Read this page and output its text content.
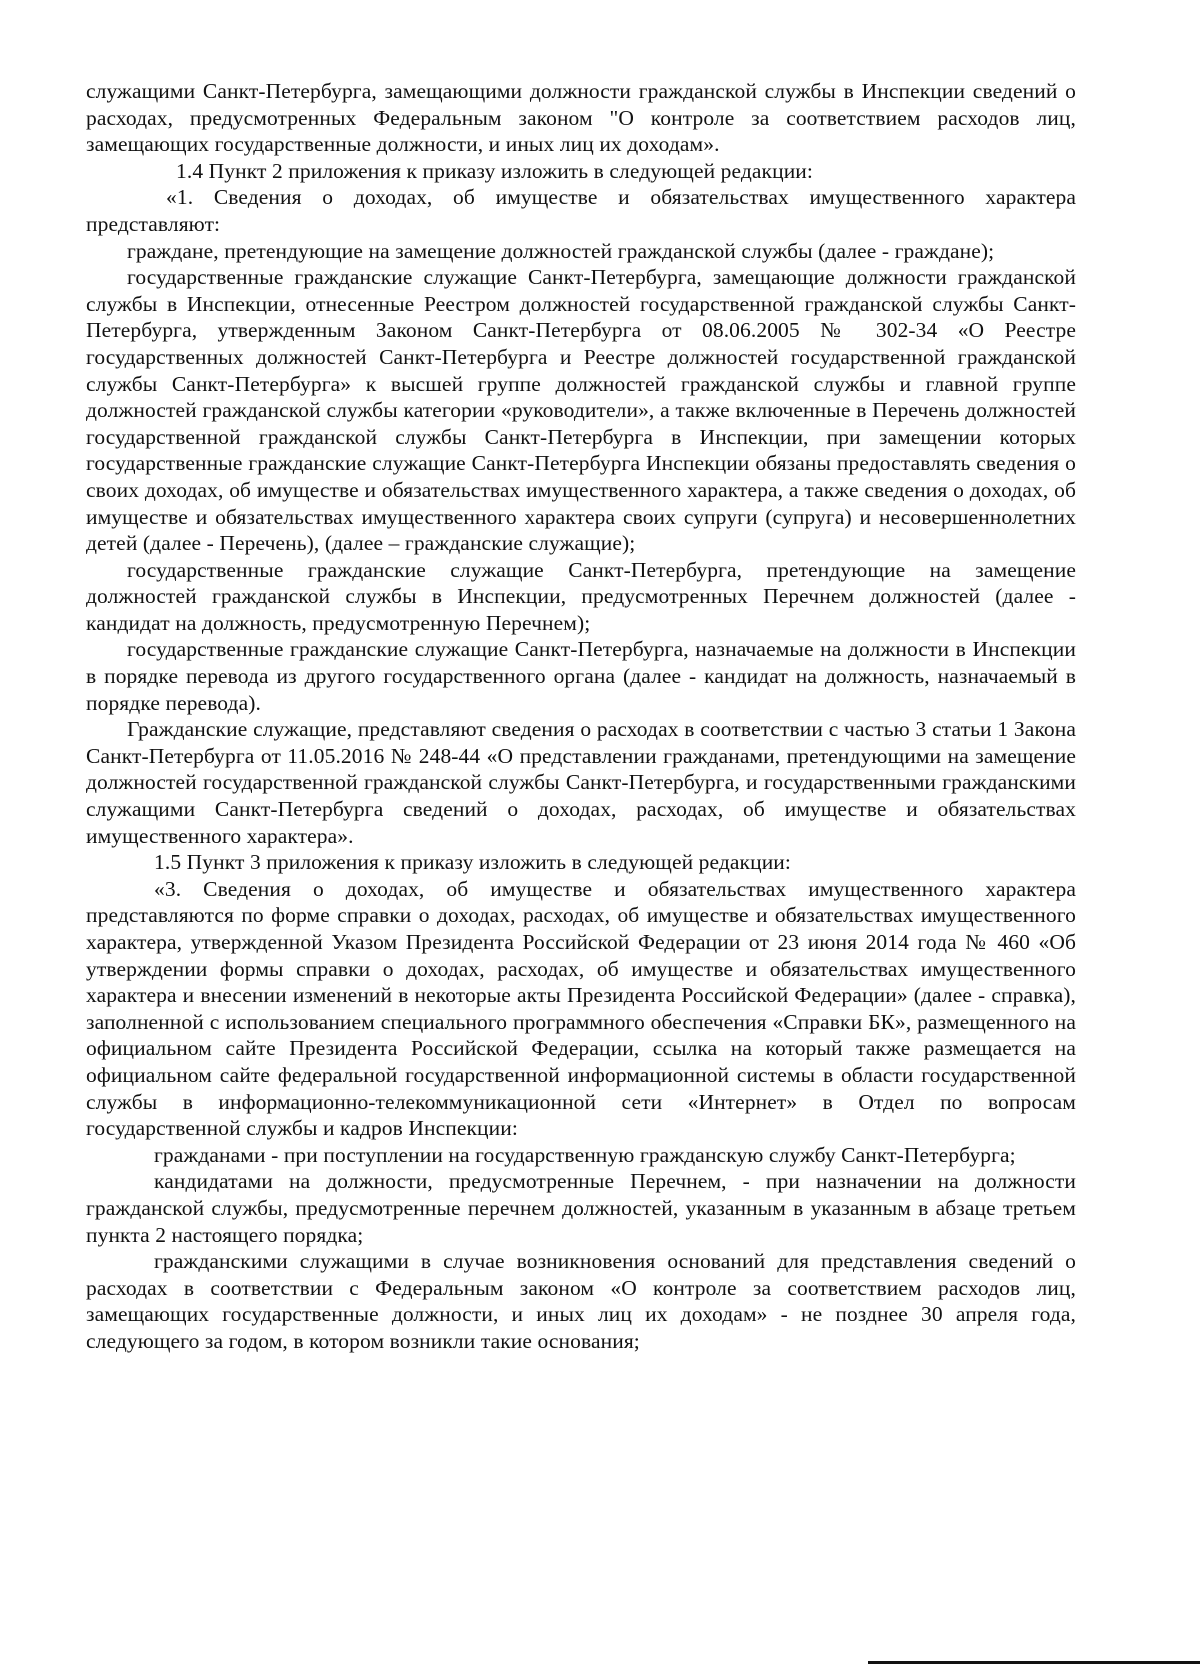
служащими Санкт-Петербурга, замещающими должности гражданской службы в Инспекции сведений о расходах, предусмотренных Федеральным законом "О контроле за соответствием расходов лиц, замещающих государственные должности, и иных лиц их доходам».

1.4 Пункт 2 приложения к приказу изложить в следующей редакции:

«1. Сведения о доходах, об имуществе и обязательствах имущественного характера представляют:

граждане, претендующие на замещение должностей гражданской службы (далее - граждане);

государственные гражданские служащие Санкт-Петербурга, замещающие должности гражданской службы в Инспекции, отнесенные Реестром должностей государственной гражданской службы Санкт-Петербурга, утвержденным Законом Санкт-Петербурга от 08.06.2005 № 302-34 «О Реестре государственных должностей Санкт-Петербурга и Реестре должностей государственной гражданской службы Санкт-Петербурга» к высшей группе должностей гражданской службы и главной группе должностей гражданской службы категории «руководители», а также включенные в Перечень должностей государственной гражданской службы Санкт-Петербурга в Инспекции, при замещении которых государственные гражданские служащие Санкт-Петербурга Инспекции обязаны предоставлять сведения о своих доходах, об имуществе и обязательствах имущественного характера, а также сведения о доходах, об имуществе и обязательствах имущественного характера своих супруги (супруга) и несовершеннолетних детей (далее - Перечень), (далее – гражданские служащие);

государственные гражданские служащие Санкт-Петербурга, претендующие на замещение должностей гражданской службы в Инспекции, предусмотренных Перечнем должностей (далее - кандидат на должность, предусмотренную Перечнем);

государственные гражданские служащие Санкт-Петербурга, назначаемые на должности в Инспекции в порядке перевода из другого государственного органа (далее - кандидат на должность, назначаемый в порядке перевода).

Гражданские служащие, представляют сведения о расходах в соответствии с частью 3 статьи 1 Закона Санкт-Петербурга от 11.05.2016 № 248-44 «О представлении гражданами, претендующими на замещение должностей государственной гражданской службы Санкт-Петербурга, и государственными гражданскими служащими Санкт-Петербурга сведений о доходах, расходах, об имуществе и обязательствах имущественного характера».

1.5 Пункт 3 приложения к приказу изложить в следующей редакции:

«3. Сведения о доходах, об имуществе и обязательствах имущественного характера представляются по форме справки о доходах, расходах, об имуществе и обязательствах имущественного характера, утвержденной Указом Президента Российской Федерации от 23 июня 2014 года № 460 «Об утверждении формы справки о доходах, расходах, об имуществе и обязательствах имущественного характера и внесении изменений в некоторые акты Президента Российской Федерации» (далее - справка), заполненной с использованием специального программного обеспечения «Справки БК», размещенного на официальном сайте Президента Российской Федерации, ссылка на который также размещается на официальном сайте федеральной государственной информационной системы в области государственной службы в информационно-телекоммуникационной сети «Интернет» в Отдел по вопросам государственной службы и кадров Инспекции:

гражданами - при поступлении на государственную гражданскую службу Санкт-Петербурга;

кандидатами на должности, предусмотренные Перечнем, - при назначении на должности гражданской службы, предусмотренные перечнем должностей, указанным в указанным в абзаце третьем пункта 2 настоящего порядка;

гражданскими служащими в случае возникновения оснований для представления сведений о расходах в соответствии с Федеральным законом «О контроле за соответствием расходов лиц, замещающих государственные должности, и иных лиц их доходам» - не позднее 30 апреля года, следующего за годом, в котором возникли такие основания;
